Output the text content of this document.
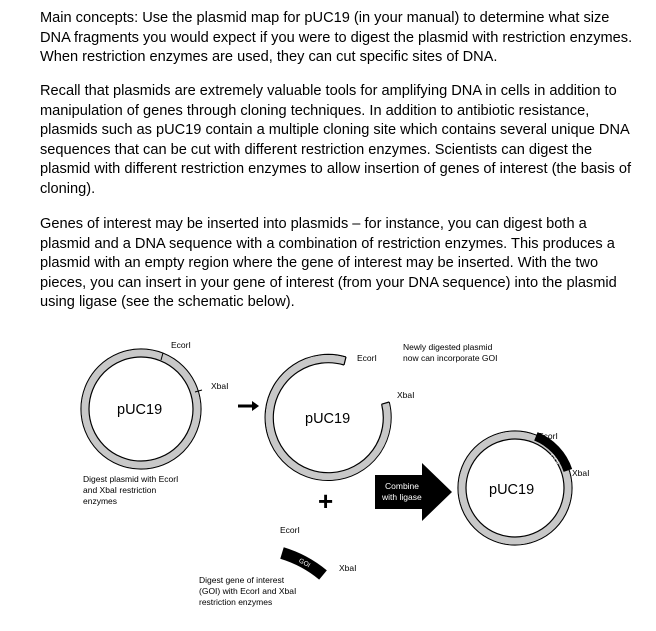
Main concepts: Use the plasmid map for pUC19 (in your manual) to determine what size DNA fragments you would expect if you were to digest the plasmid with restriction enzymes. When restriction enzymes are used, they can cut specific sites of DNA.

Recall that plasmids are extremely valuable tools for amplifying DNA in cells in addition to manipulation of genes through cloning techniques. In addition to antibiotic resistance, plasmids such as pUC19 contain a multiple cloning site which contains several unique DNA sequences that can be cut with different restriction enzymes. Scientists can digest the plasmid with different restriction enzymes to allow insertion of genes of interest (the basis of cloning).

Genes of interest may be inserted into plasmids – for instance, you can digest both a plasmid and a DNA sequence with a combination of restriction enzymes. This produces a plasmid with an empty region where the gene of interest may be inserted. With the two pieces, you can insert in your gene of interest (from your DNA sequence) into the plasmid using ligase (see the schematic below).

pUC19
EcorI
XbaI
Digest plasmid with EcorI and XbaI restriction enzymes
pUC19
EcorI
XbaI
Newly digested plasmid now can incorporate GOI
+
GOI
EcorI
XbaI
Digest gene of interest (GOI) with EcorI and XbaI restriction enzymes
Combine with ligase
GOI
pUC19
EcorI
XbaI
